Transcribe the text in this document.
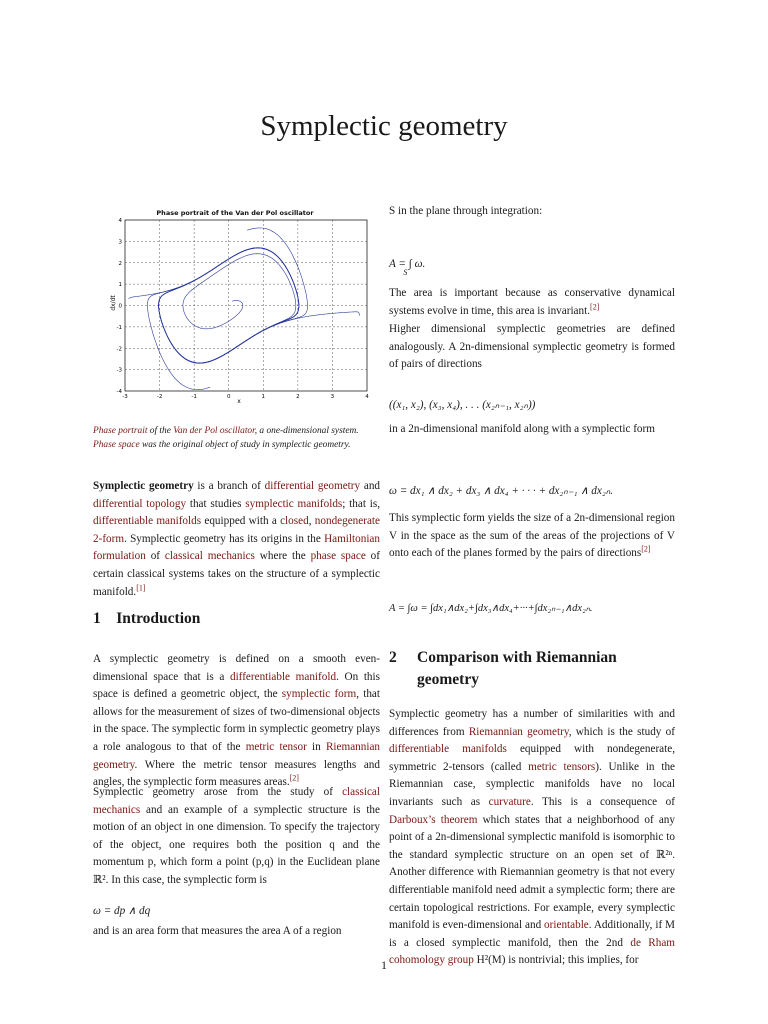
Symplectic geometry
Phase portrait of the Van der Pol oscillator
-3	-2	-1	0	1	2	3	4
4
3
2
1
0
-1
-2
-3
-4
x
dx/dt
Phase portrait of the Van der Pol oscillator, a one-dimensional system. Phase space was the original object of study in symplectic geometry.
Symplectic geometry is a branch of differential geometry and differential topology that studies symplectic manifolds; that is, differentiable manifolds equipped with a closed, nondegenerate 2-form. Symplectic geometry has its origins in the Hamiltonian formulation of classical mechanics where the phase space of certain classical systems takes on the structure of a symplectic manifold.[1]
1 Introduction
A symplectic geometry is defined on a smooth even-dimensional space that is a differentiable manifold. On this space is defined a geometric object, the symplectic form, that allows for the measurement of sizes of two-dimensional objects in the space. The symplectic form in symplectic geometry plays a role analogous to that of the metric tensor in Riemannian geometry. Where the metric tensor measures lengths and angles, the symplectic form measures areas.[2]
Symplectic geometry arose from the study of classical mechanics and an example of a symplectic structure is the motion of an object in one dimension. To specify the trajectory of the object, one requires both the position q and the momentum p, which form a point (p,q) in the Euclidean plane ℝ². In this case, the symplectic form is
ω = dp ∧ dq
and is an area form that measures the area A of a region
S in the plane through integration:
A = ∫ $\omega._S$
The area is important because as conservative dynamical systems evolve in time, this area is invariant.[2]
Higher dimensional symplectic geometries are defined analogously. A 2n-dimensional symplectic geometry is formed of pairs of directions
((x₁, x₂), (x₃, x₄), . . . (x₂ₙ₋₁, x₂ₙ))
in a 2n-dimensional manifold along with a symplectic form
ω = dx₁ ∧ dx₂ + dx₃ ∧ dx₄ + · · · + dx₂ₙ₋₁ ∧ dx₂ₙ.
This symplectic form yields the size of a 2n-dimensional region V in the space as the sum of the areas of the projections of V onto each of the planes formed by the pairs of directions[2]
A = ∫ω = ∫dx₁∧dx₂+∫dx₃∧dx₄+···+∫dx₂ₙ₋₁∧dx₂ₙ.
2	Comparison with Riemannian geometry
Symplectic geometry has a number of similarities with and differences from Riemannian geometry, which is the study of differentiable manifolds equipped with nondegenerate, symmetric 2-tensors (called metric tensors). Unlike in the Riemannian case, symplectic manifolds have no local invariants such as curvature. This is a consequence of Darboux’s theorem which states that a neighborhood of any point of a 2n-dimensional symplectic manifold is isomorphic to the standard symplectic structure on an open set of ℝ²ⁿ. Another difference with Riemannian geometry is that not every differentiable manifold need admit a symplectic form; there are certain topological restrictions. For example, every symplectic manifold is even-dimensional and orientable. Additionally, if M is a closed symplectic manifold, then the 2nd de Rham cohomology group H²(M) is nontrivial; this implies, for
1
